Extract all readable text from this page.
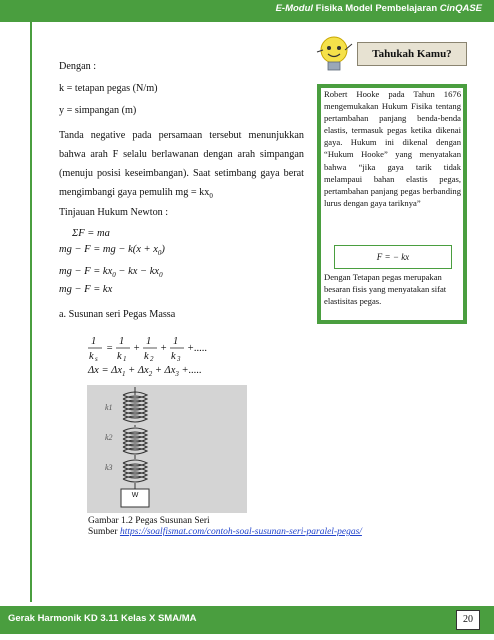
E-Modul Fisika Model Pembelajaran CinQASE
Dengan :
k = tetapan pegas (N/m)
y = simpangan (m)
Tanda negative pada persamaan tersebut menunjukkan bahwa arah F selalu berlawanan dengan arah simpangan (menuju posisi keseimbangan). Saat setimbang gaya berat mengimbangi gaya pemulih mg = $kx_0$
Tinjauan Hukum Newton :
ΣF = ma
mg − F = mg − $k(x + x_0)$
mg − $F = kx_0$ − kx − $kx_0$
mg − F = kx
a. Susunan seri Pegas Massa
1
k s
=
1
k 1
+
1
k 2
+
1
k 3
+.....
$\Delta x = \Delta x_1 + \Delta x_2 + \Delta x_3$ +.....
k1
k2
k3
W
Gambar 1.2 Pegas Susunan Seri
Sumber https://soalfismat.com/contoh-soal-susunan-seri-paralel-pegas/
Tahukah Kamu?
Robert Hooke pada Tahun 1676 mengemukakan Hukum Fisika tentang pertambahan panjang benda-benda elastis, termasuk pegas ketika dikenai gaya. Hukum ini dikenal dengan “Hukum Hooke” yang menyatakan bahwa “jika gaya tarik tidak melampaui bahan elastis pegas, pertambahan panjang pegas berbanding lurus dengan gaya tariknya”
F = − kx
Dengan Tetapan pegas merupakan besaran fisis yang menyatakan sifat elastisitas pegas.
Gerak Harmonik KD 3.11 Kelas X SMA/MA	20
